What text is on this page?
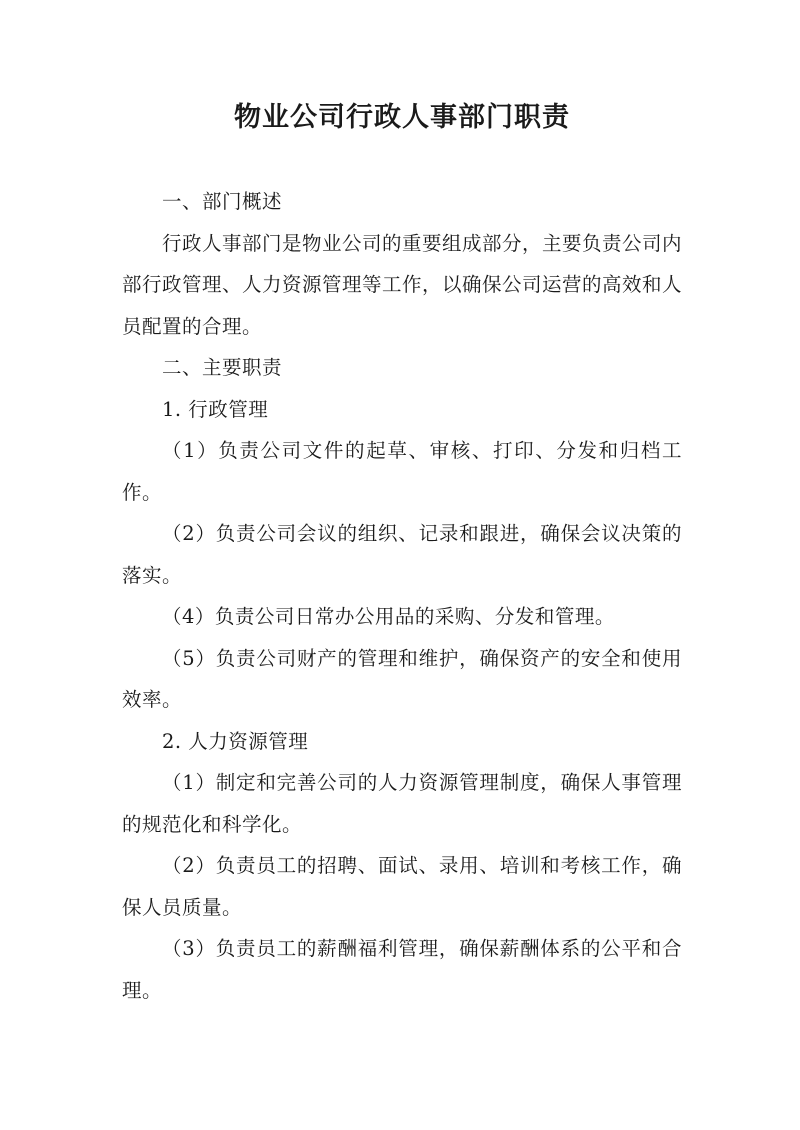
物业公司行政人事部门职责

一、部门概述

行政人事部门是物业公司的重要组成部分，主要负责公司内部行政管理、人力资源管理等工作，以确保公司运营的高效和人员配置的合理。

二、主要职责

1. 行政管理

（1）负责公司文件的起草、审核、打印、分发和归档工作。

（2）负责公司会议的组织、记录和跟进，确保会议决策的落实。

（4）负责公司日常办公用品的采购、分发和管理。

（5）负责公司财产的管理和维护，确保资产的安全和使用效率。

2. 人力资源管理

（1）制定和完善公司的人力资源管理制度，确保人事管理的规范化和科学化。

（2）负责员工的招聘、面试、录用、培训和考核工作，确保人员质量。

（3）负责员工的薪酬福利管理，确保薪酬体系的公平和合理。
